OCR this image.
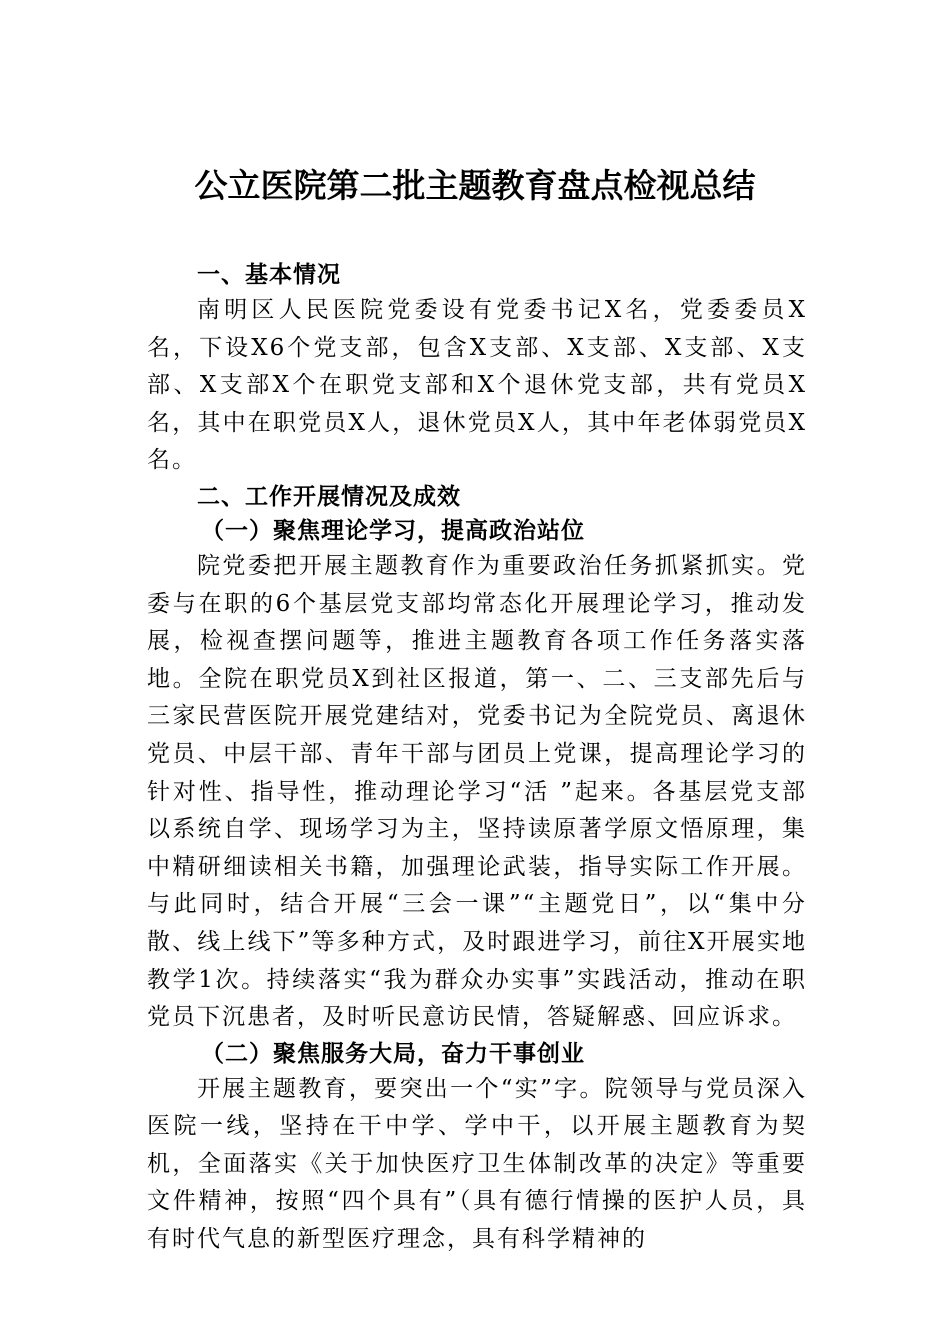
公立医院第二批主题教育盘点检视总结
一、基本情况

南明区人民医院党委设有党委书记X名，党委委员X名，下设X6个党支部，包含X支部、X支部、X支部、X支部、X支部X个在职党支部和X个退休党支部，共有党员X名，其中在职党员X人，退休党员X人，其中年老体弱党员X名。

二、工作开展情况及成效
（一）聚焦理论学习，提高政治站位

院党委把开展主题教育作为重要政治任务抓紧抓实。党委与在职的6个基层党支部均常态化开展理论学习，推动发展，检视查摆问题等，推进主题教育各项工作任务落实落地。全院在职党员X到社区报道，第一、二、三支部先后与三家民营医院开展党建结对，党委书记为全院党员、离退休党员、中层干部、青年干部与团员上党课，提高理论学习的针对性、指导性，推动理论学习“活 ”起来。各基层党支部以系统自学、现场学习为主，坚持读原著学原文悟原理，集中精研细读相关书籍，加强理论武装，指导实际工作开展。与此同时，结合开展“三会一课”“主题党日”，以“集中分散、线上线下”等多种方式，及时跟进学习，前往X开展实地教学1次。持续落实“我为群众办实事”实践活动，推动在职党员下沉患者，及时听民意访民情，答疑解惑、回应诉求。

（二）聚焦服务大局，奋力干事创业

开展主题教育，要突出一个“实”字。院领导与党员深入医院一线，坚持在干中学、学中干，以开展主题教育为契机，全面落实《关于加快医疗卫生体制改革的决定》等重要文件精神，按照“四个具有”（具有德行情操的医护人员，具有时代气息的新型医疗理念，具有科学精神的
